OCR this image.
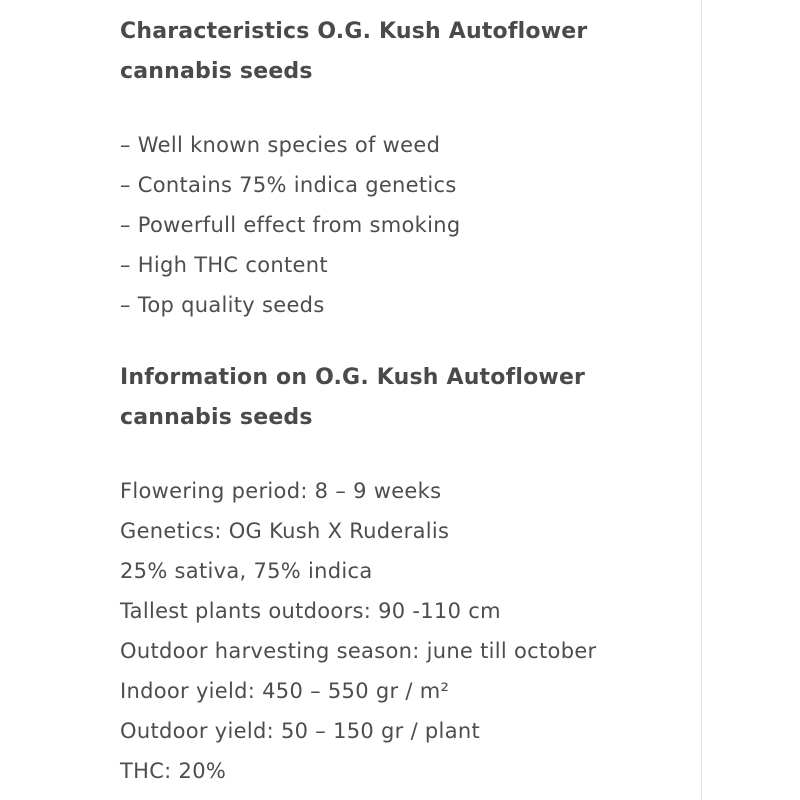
Characteristics O.G. Kush Autoflower cannabis seeds
– Well known species of weed
– Contains 75% indica genetics
– Powerfull effect from smoking
– High THC content
– Top quality seeds
Information on O.G. Kush Autoflower cannabis seeds
Flowering period: 8 – 9 weeks
Genetics: OG Kush X Ruderalis
25% sativa, 75% indica
Tallest plants outdoors: 90 -110 cm
Outdoor harvesting season: june till october
Indoor yield: 450 – 550 gr / m²
Outdoor yield: 50 – 150 gr / plant
THC: 20%
